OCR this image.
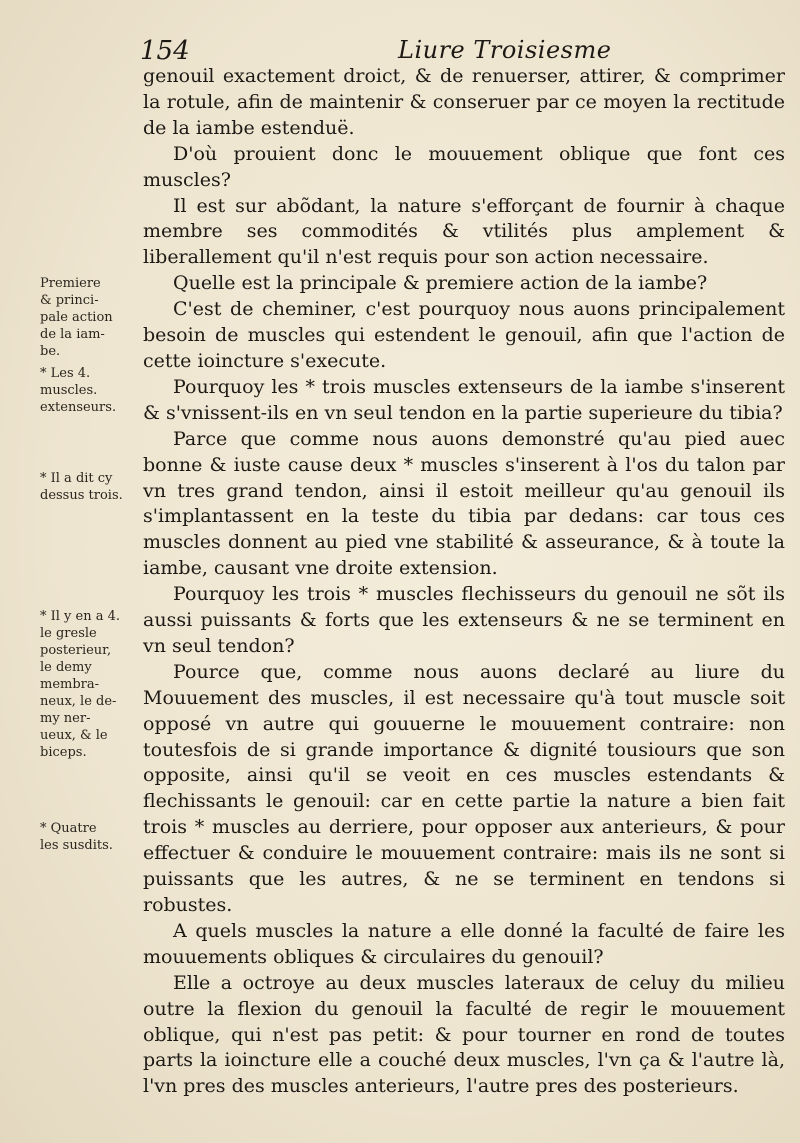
154	Liure Troisiesme

genouil exactement droict, & de renuerser, attirer, & comprimer la rotule, afin de maintenir & conseruer par ce moyen la rectitude de la iambe estenduë.

D'où prouient donc le mouuement oblique que font ces muscles?

Il est sur abõdant, la nature s'efforçant de fournir à chaque membre ses commodités & vtilités plus amplement & liberallement qu'il n'est requis pour son action necessaire.

Quelle est la principale & premiere action de la iambe?

C'est de cheminer, c'est pourquoy nous auons principalement besoin de muscles qui estendent le genouil, afin que l'action de cette ioincture s'execute.

Pourquoy les * trois muscles extenseurs de la iambe s'inserent & s'vnissent-ils en vn seul tendon en la partie superieure du tibia?

Parce que comme nous auons demonstré qu'au pied auec bonne & iuste cause deux * muscles s'inserent à l'os du talon par vn tres grand tendon, ainsi il estoit meilleur qu'au genouil ils s'implantassent en la teste du tibia par dedans: car tous ces muscles donnent au pied vne stabilité & asseurance, & à toute la iambe, causant vne droite extension.

Pourquoy les trois * muscles flechisseurs du genouil ne sõt ils aussi puissants & forts que les extenseurs & ne se terminent en vn seul tendon?

Pource que, comme nous auons declaré au liure du Mouuement des muscles, il est necessaire qu'à tout muscle soit opposé vn autre qui gouuerne le mouuement contraire: non toutesfois de si grande importance & dignité tousiours que son opposite, ainsi qu'il se veoit en ces muscles estendants & flechissants le genouil: car en cette partie la nature a bien fait trois * muscles au derriere, pour opposer aux anterieurs, & pour effectuer & conduire le mouuement contraire: mais ils ne sont si puissants que les autres, & ne se terminent en tendons si robustes.

A quels muscles la nature a elle donné la faculté de faire les mouuements obliques & circulaires du genouil?

Elle a octroye au deux muscles lateraux de celuy du milieu outre la flexion du genouil la faculté de regir le mouuement oblique, qui n'est pas petit: & pour tourner en rond de toutes parts la ioincture elle a couché deux muscles, l'vn ça & l'autre là, l'vn pres des muscles anterieurs, l'autre pres des posterieurs.

Premiere
& princi-
pale action
de la iam-
be.
* Les 4.
muscles.
extenseurs.
* Il a dit cy
dessus trois.
* Il y en a 4.
le gresle
posterieur,
le demy
membra-
neux, le de-
my ner-
ueux, & le
biceps.
* Quatre
les susdits.
